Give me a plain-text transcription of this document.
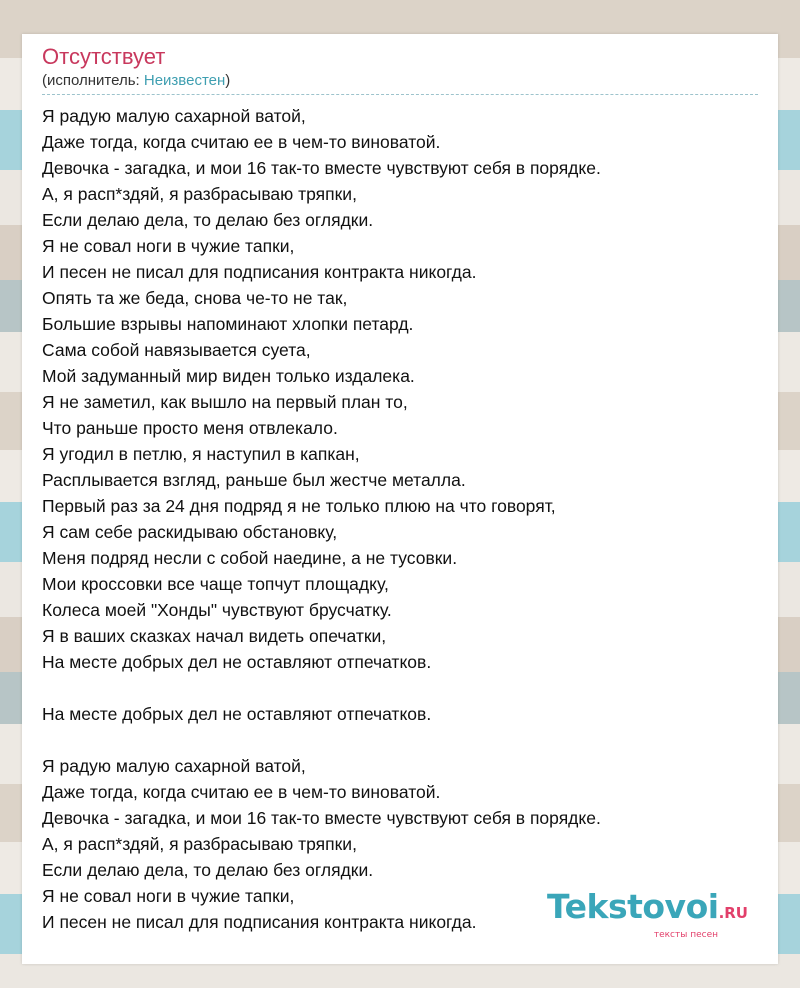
Отсутствует
(исполнитель: Неизвестен)
Я радую малую сахарной ватой,
Даже тогда, когда считаю ее в чем-то виноватой.
Девочка - загадка, и мои 16 так-то вместе чувствуют себя в порядке.
А, я расп*здяй, я разбрасываю тряпки,
Если делаю дела, то делаю без оглядки.
Я не совал ноги в чужие тапки,
И песен не писал для подписания контракта никогда.
Опять та же беда, снова че-то не так,
Большие взрывы напоминают хлопки петард.
Сама собой навязывается суета,
Мой задуманный мир виден только издалека.
Я не заметил, как вышло на первый план то,
Что раньше просто меня отвлекало.
Я угодил в петлю, я наступил в капкан,
Расплывается взгляд, раньше был жестче металла.
Первый раз за 24 дня подряд я не только плюю на что говорят,
Я сам себе раскидываю обстановку,
Меня подряд несли с собой наедине, а не тусовки.
Мои кроссовки все чаще топчут площадку,
Колеса моей "Хонды" чувствуют брусчатку.
Я в ваших сказках начал видеть опечатки,
На месте добрых дел не оставляют отпечатков.
На месте добрых дел не оставляют отпечатков.
Я радую малую сахарной ватой,
Даже тогда, когда считаю ее в чем-то виноватой.
Девочка - загадка, и мои 16 так-то вместе чувствуют себя в порядке.
А, я расп*здяй, я разбрасываю тряпки,
Если делаю дела, то делаю без оглядки.
Я не совал ноги в чужие тапки,
И песен не писал для подписания контракта никогда.	Tekstovoi.RU
тексты песен
